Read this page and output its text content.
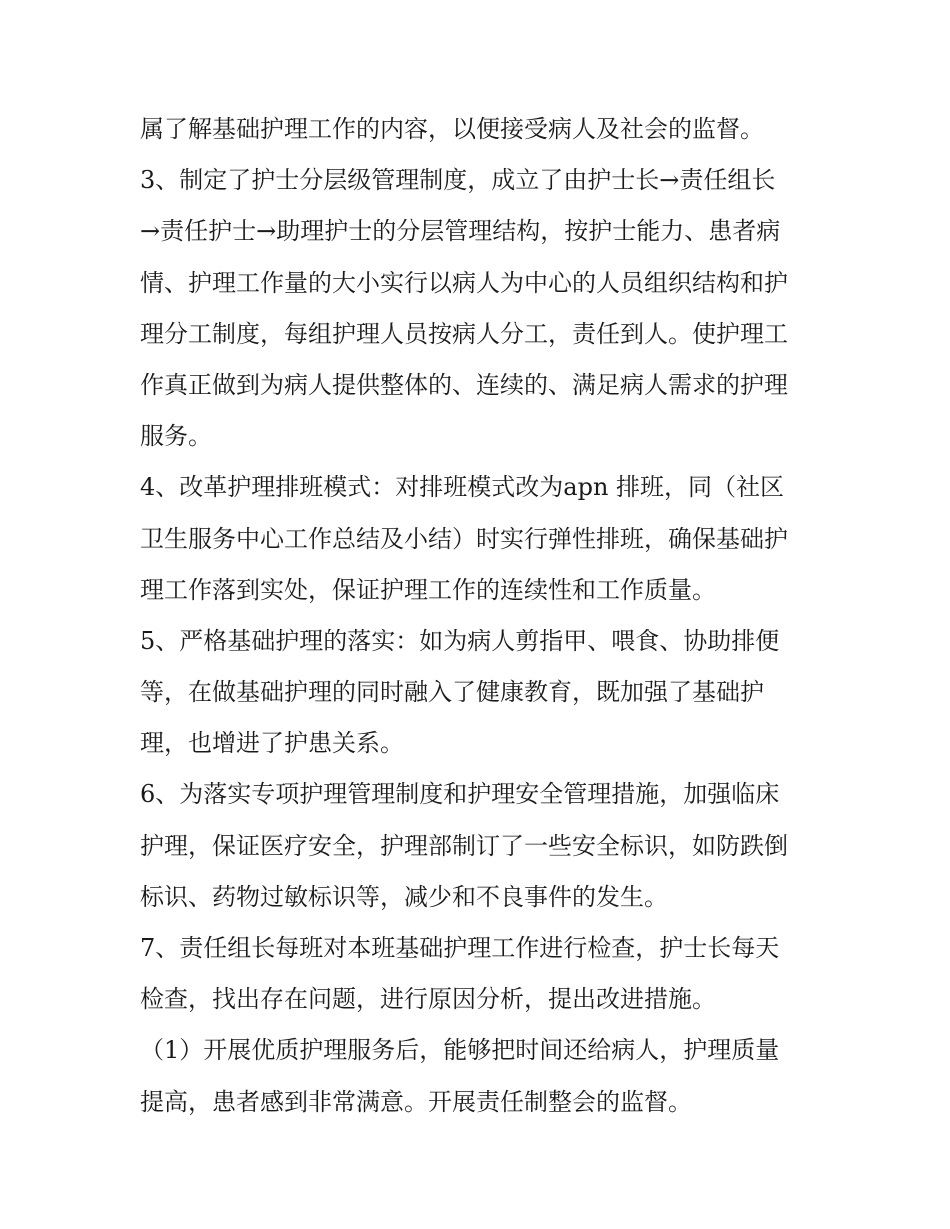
属了解基础护理工作的内容，以便接受病人及社会的监督。
3、制定了护士分层级管理制度，成立了由护士长→责任组长
→责任护士→助理护士的分层管理结构，按护士能力、患者病
情、护理工作量的大小实行以病人为中心的人员组织结构和护
理分工制度，每组护理人员按病人分工，责任到人。使护理工
作真正做到为病人提供整体的、连续的、满足病人需求的护理
服务。
4、改革护理排班模式：对排班模式改为apn 排班，同（社区
卫生服务中心工作总结及小结）时实行弹性排班，确保基础护
理工作落到实处，保证护理工作的连续性和工作质量。
5、严格基础护理的落实：如为病人剪指甲、喂食、协助排便
等，在做基础护理的同时融入了健康教育，既加强了基础护
理，也增进了护患关系。
6、为落实专项护理管理制度和护理安全管理措施，加强临床
护理，保证医疗安全，护理部制订了一些安全标识，如防跌倒
标识、药物过敏标识等，减少和不良事件的发生。
7、责任组长每班对本班基础护理工作进行检查，护士长每天
检查，找出存在问题，进行原因分析，提出改进措施。
（1）开展优质护理服务后，能够把时间还给病人，护理质量
提高，患者感到非常满意。开展责任制整会的监督。
